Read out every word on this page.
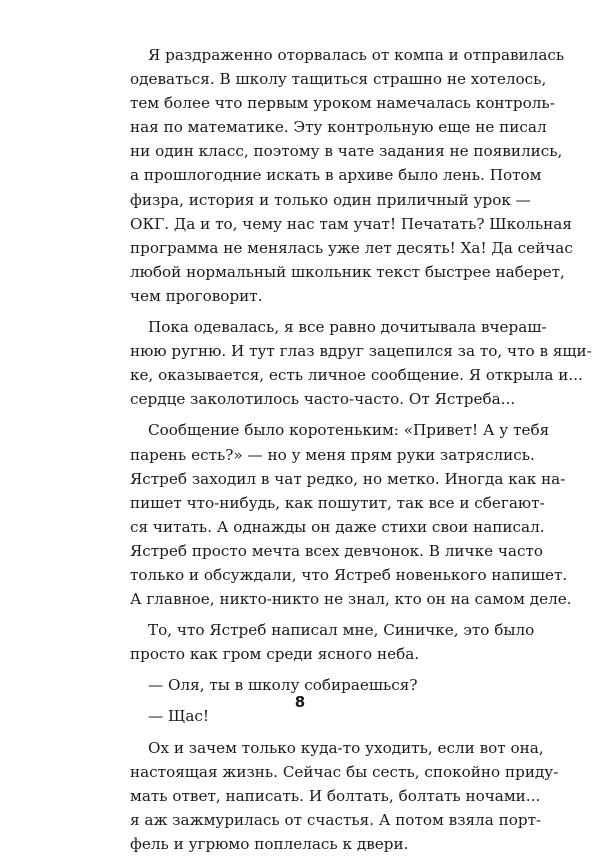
Я раздраженно оторвалась от компа и отправилась
одеваться. В школу тащиться страшно не хотелось,
тем более что первым уроком намечалась контроль-
ная по математике. Эту контрольную еще не писал
ни один класс, поэтому в чате задания не появились,
а прошлогодние искать в архиве было лень. Потом
физра, история и только один приличный урок —
ОКГ. Да и то, чему нас там учат! Печатать? Школьная
программа не менялась уже лет десять! Ха! Да сейчас
любой нормальный школьник текст быстрее наберет,
чем проговорит.

Пока одевалась, я все равно дочитывала вчераш-
нюю ругню. И тут глаз вдруг зацепился за то, что в ящи-
ке, оказывается, есть личное сообщение. Я открыла и...
сердце заколотилось часто-часто. От Ястреба...

Сообщение было коротеньким: «Привет! А у тебя
парень есть?» — но у меня прям руки затряслись.
Ястреб заходил в чат редко, но метко. Иногда как на-
пишет что-нибудь, как пошутит, так все и сбегают-
ся читать. А однажды он даже стихи свои написал.
Ястреб просто мечта всех девчонок. В личке часто
только и обсуждали, что Ястреб новенького напишет.
А главное, никто-никто не знал, кто он на самом деле.

То, что Ястреб написал мне, Синичке, это было
просто как гром среди ясного неба.

— Оля, ты в школу собираешься?

— Щас!

Ох и зачем только куда-то уходить, если вот она,
настоящая жизнь. Сейчас бы сесть, спокойно приду-
мать ответ, написать. И болтать, болтать ночами...
я аж зажмурилась от счастья. А потом взяла порт-
фель и угрюмо поплелась к двери.

8
